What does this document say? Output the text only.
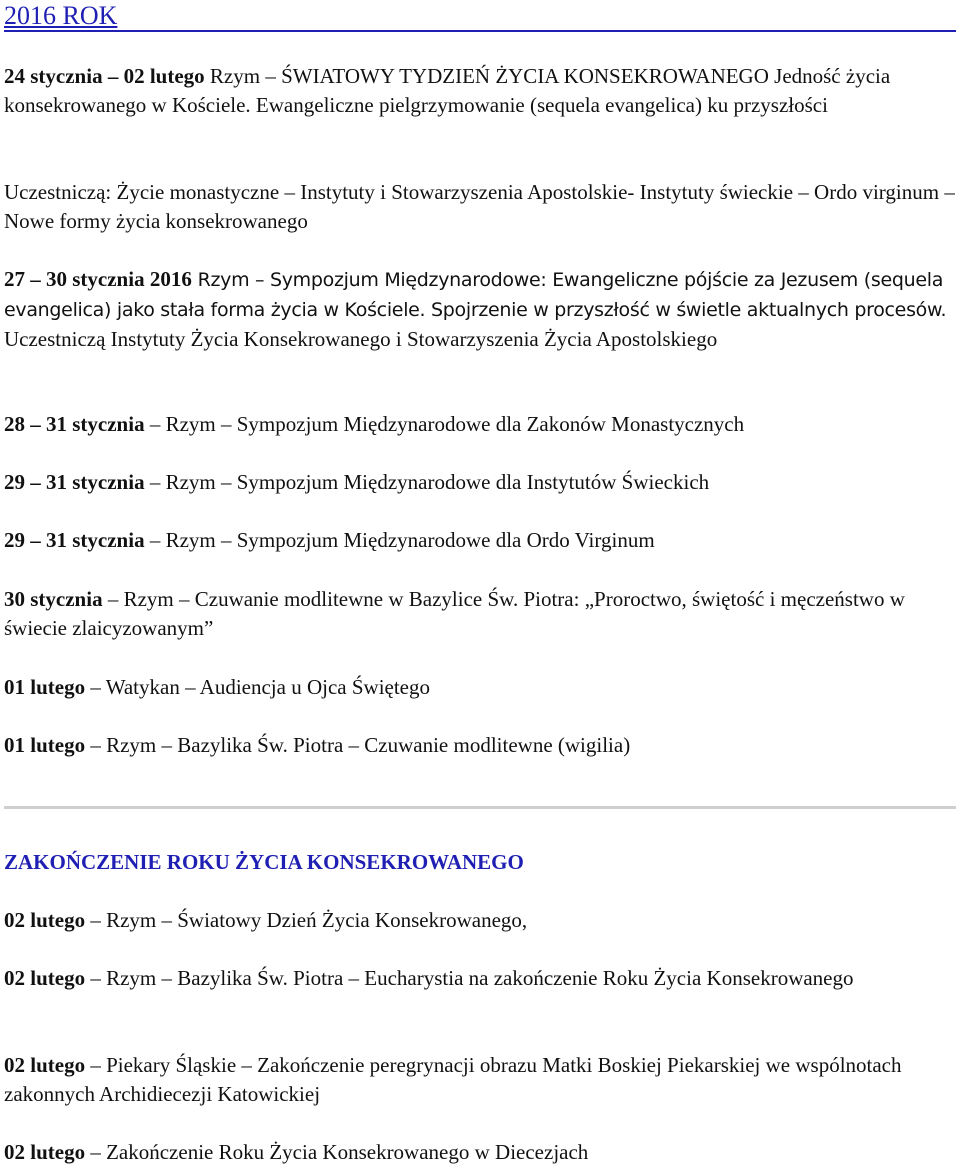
2016 ROK

24 stycznia – 02 lutego Rzym – ŚWIATOWY TYDZIEŃ ŻYCIA KONSEKROWANEGO Jedność życia konsekrowanego w Kościele. Ewangeliczne pielgrzymowanie (sequela evangelica) ku przyszłości

Uczestniczą: Życie monastyczne – Instytuty i Stowarzyszenia Apostolskie- Instytuty świeckie – Ordo virginum – Nowe formy życia konsekrowanego

27 – 30 stycznia 2016 Rzym – Sympozjum Międzynarodowe: Ewangeliczne pójście za Jezusem (sequela evangelica) jako stała forma życia w Kościele. Spojrzenie w przyszłość w świetle aktualnych procesów. Uczestniczą Instytuty Życia Konsekrowanego i Stowarzyszenia Życia Apostolskiego

28 – 31 stycznia – Rzym – Sympozjum Międzynarodowe dla Zakonów Monastycznych

29 – 31 stycznia – Rzym – Sympozjum Międzynarodowe dla Instytutów Świeckich

29 – 31 stycznia – Rzym – Sympozjum Międzynarodowe dla Ordo Virginum

30 stycznia – Rzym – Czuwanie modlitewne w Bazylice Św. Piotra: „Proroctwo, świętość i męczeństwo w świecie zlaicyzowanym”

01 lutego – Watykan – Audiencja u Ojca Świętego

01 lutego – Rzym – Bazylika Św. Piotra – Czuwanie modlitewne (wigilia)

ZAKOŃCZENIE ROKU ŻYCIA KONSEKROWANEGO

02 lutego – Rzym – Światowy Dzień Życia Konsekrowanego,

02 lutego – Rzym – Bazylika Św. Piotra – Eucharystia na zakończenie Roku Życia Konsekrowanego

02 lutego – Piekary Śląskie – Zakończenie peregrynacji obrazu Matki Boskiej Piekarskiej we wspólnotach zakonnych Archidiecezji Katowickiej

02 lutego – Zakończenie Roku Życia Konsekrowanego w Diecezjach
